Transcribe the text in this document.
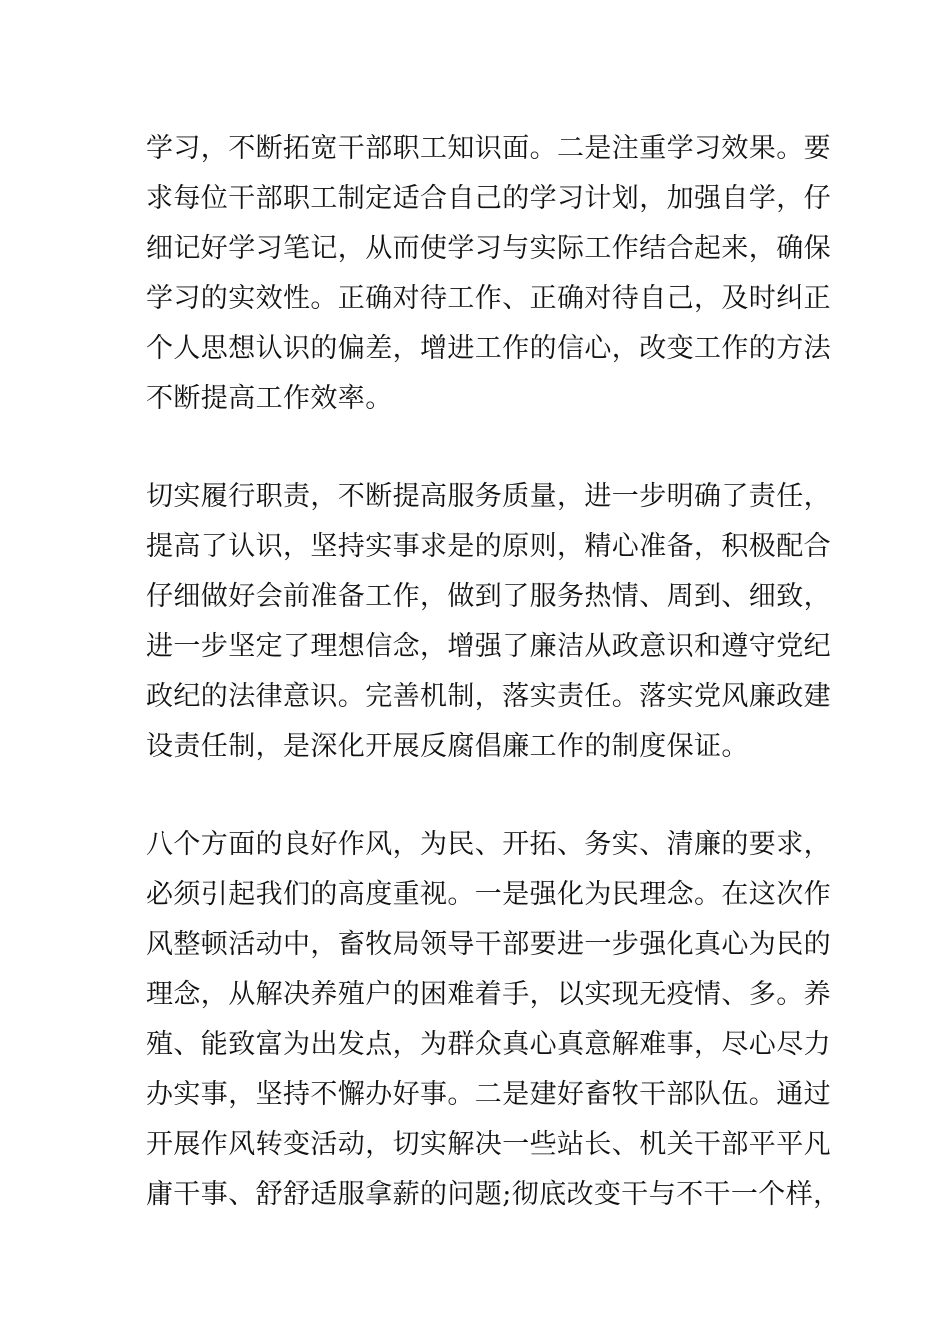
学习，不断拓宽干部职工知识面。二是注重学习效果。要
求每位干部职工制定适合自己的学习计划，加强自学，仔
细记好学习笔记，从而使学习与实际工作结合起来，确保
学习的实效性。正确对待工作、正确对待自己，及时纠正
个人思想认识的偏差，增进工作的信心，改变工作的方法
不断提高工作效率。
切实履行职责，不断提高服务质量，进一步明确了责任，
提高了认识，坚持实事求是的原则，精心准备，积极配合
仔细做好会前准备工作，做到了服务热情、周到、细致，
进一步坚定了理想信念，增强了廉洁从政意识和遵守党纪
政纪的法律意识。完善机制，落实责任。落实党风廉政建
设责任制，是深化开展反腐倡廉工作的制度保证。
八个方面的良好作风，为民、开拓、务实、清廉的要求，
必须引起我们的高度重视。一是强化为民理念。在这次作
风整顿活动中，畜牧局领导干部要进一步强化真心为民的
理念，从解决养殖户的困难着手，以实现无疫情、多。养
殖、能致富为出发点，为群众真心真意解难事，尽心尽力
办实事，坚持不懈办好事。二是建好畜牧干部队伍。通过
开展作风转变活动，切实解决一些站长、机关干部平平凡
庸干事、舒舒适服拿薪的问题;彻底改变干与不干一个样，
